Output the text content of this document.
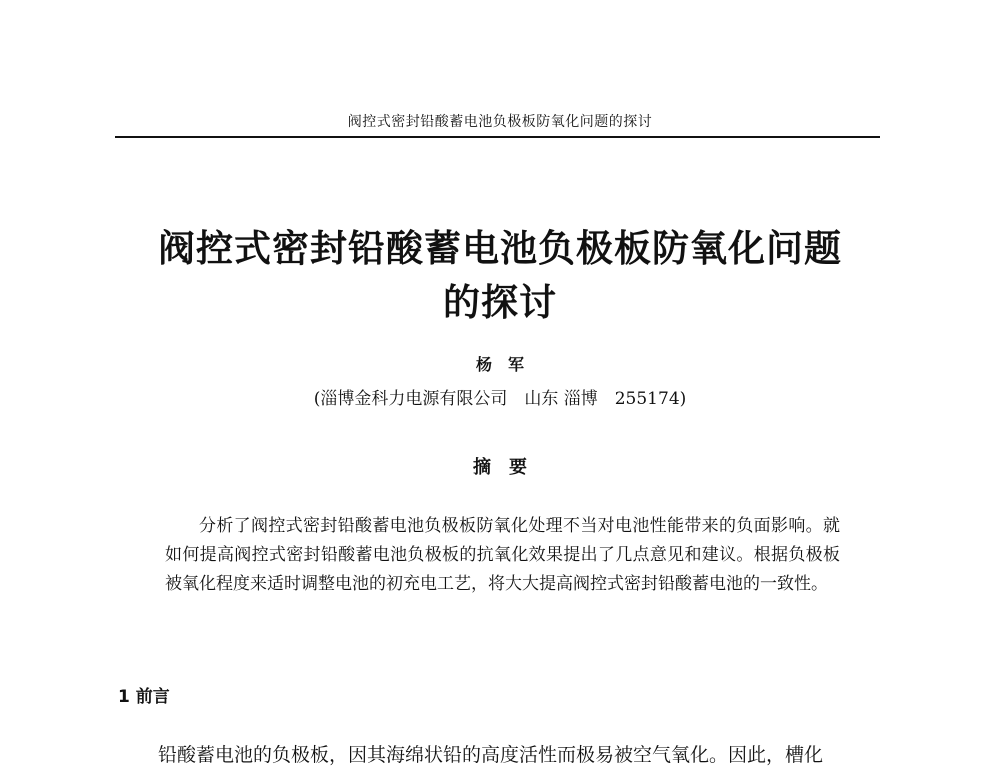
阀控式密封铅酸蓄电池负极板防氧化问题的探讨
阀控式密封铅酸蓄电池负极板防氧化问题
的探讨
杨　军
(淄博金科力电源有限公司　山东 淄博　255174)
摘　要

分析了阀控式密封铅酸蓄电池负极板防氧化处理不当对电池性能带来的负面影响。就如何提高阀控式密封铅酸蓄电池负极板的抗氧化效果提出了几点意见和建议。根据负极板被氧化程度来适时调整电池的初充电工艺，将大大提高阀控式密封铅酸蓄电池的一致性。

1 前言

铅酸蓄电池的负极板，因其海绵状铅的高度活性而极易被空气氧化。因此，槽化
